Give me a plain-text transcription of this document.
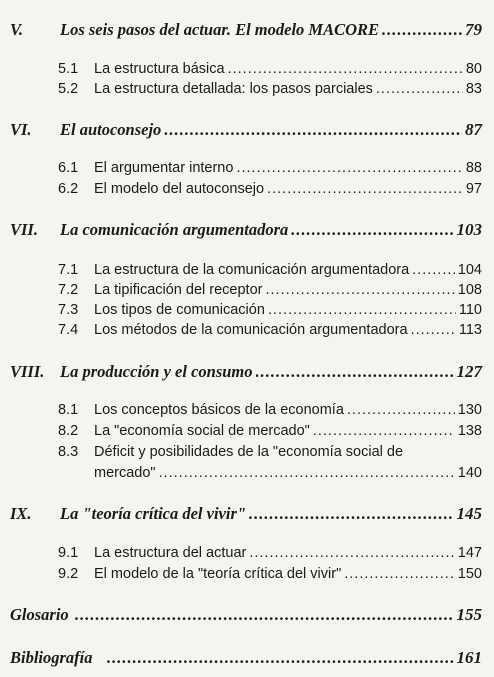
V. Los seis pasos del actuar. El modelo MACORE .....	79
5.1 La estructura básica .....	80
5.2 La estructura detallada: los pasos parciales .....	83
VI. El autoconsejo .....	87
6.1 El argumentar interno .....	88
6.2 El modelo del autoconsejo .....	97
VII. La comunicación argumentadora .....	103
7.1 La estructura de la comunicación argumentadora .....	104
7.2 La tipificación del receptor .....	108
7.3 Los tipos de comunicación .....	110
7.4 Los métodos de la comunicación argumentadora .....	113
VIII. La producción y el consumo .....	127
8.1 Los conceptos básicos de la economía .....	130
8.2 La "economía social de mercado" .....	138
8.3 Déficit y posibilidades de la "economía social de
mercado" .....	140
IX. La "teoría crítica del vivir" .....	145
9.1 La estructura del actuar .....	147
9.2 El modelo de la "teoría crítica del vivir" .....	150
Glosario .....	155
Bibliografía .....	161
